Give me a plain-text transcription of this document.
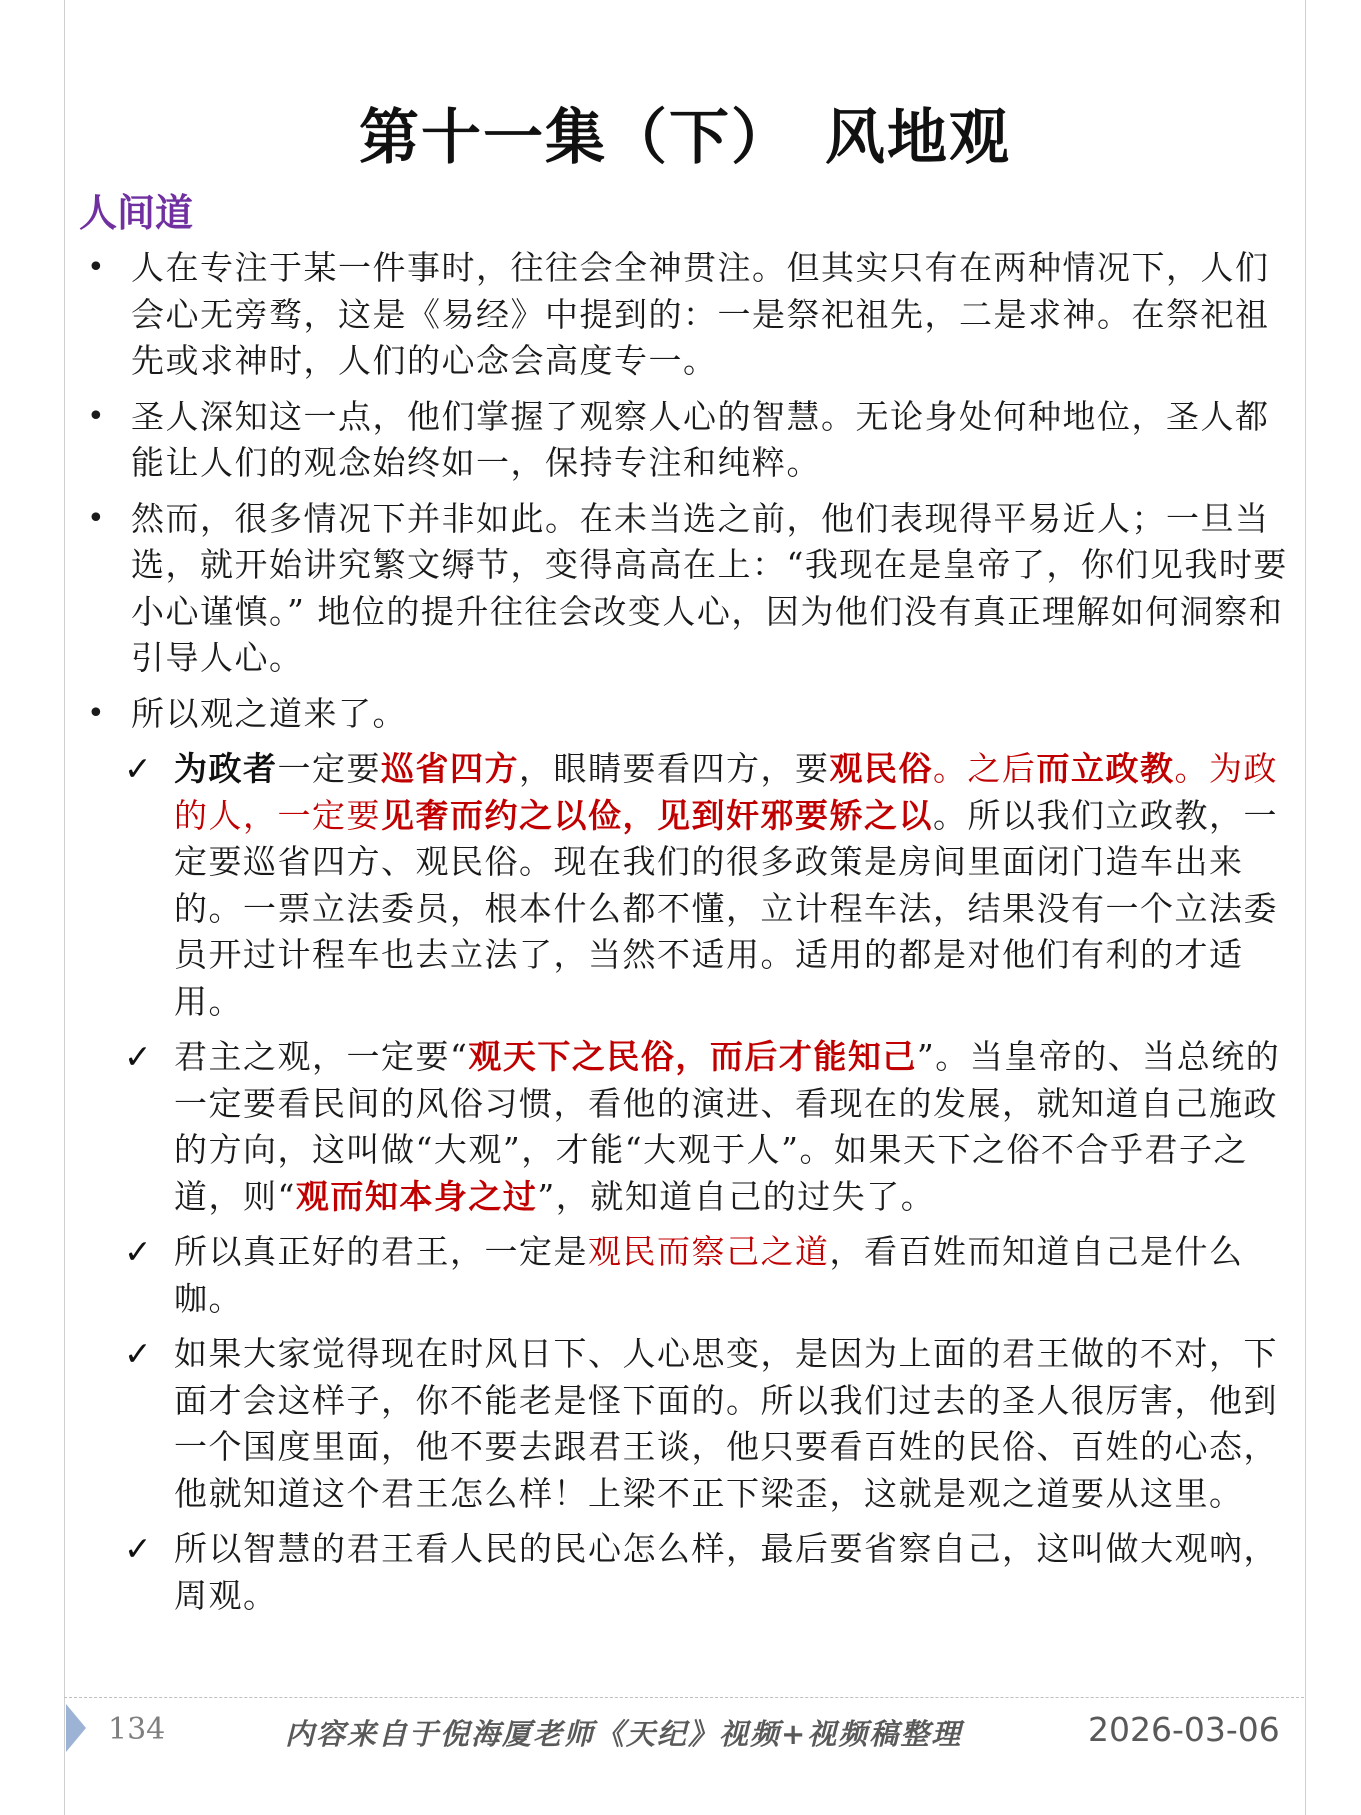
第十一集（下）　风地观
人间道
• 人在专注于某一件事时，往往会全神贯注。但其实只有在两种情况下，人们会心无旁骛，这是《易经》中提到的：一是祭祀祖先，二是求神。在祭祀祖先或求神时，人们的心念会高度专一。
• 圣人深知这一点，他们掌握了观察人心的智慧。无论身处何种地位，圣人都能让人们的观念始终如一，保持专注和纯粹。
• 然而，很多情况下并非如此。在未当选之前，他们表现得平易近人；一旦当选，就开始讲究繁文缛节，变得高高在上：“我现在是皇帝了，你们见我时要小心谨慎。” 地位的提升往往会改变人心，因为他们没有真正理解如何洞察和引导人心。
• 所以观之道来了。
✓ 为政者一定要巡省四方，眼睛要看四方，要观民俗。之后而立政教。为政的人，一定要见奢而约之以俭，见到奸邪要矫之以。所以我们立政教，一定要巡省四方、观民俗。现在我们的很多政策是房间里面闭门造车出来的。一票立法委员，根本什么都不懂，立计程车法，结果没有一个立法委员开过计程车也去立法了，当然不适用。适用的都是对他们有利的才适用。
✓ 君主之观，一定要“观天下之民俗，而后才能知己”。当皇帝的、当总统的一定要看民间的风俗习惯，看他的演进、看现在的发展，就知道自己施政的方向，这叫做“大观”，才能“大观于人”。如果天下之俗不合乎君子之道，则“观而知本身之过”，就知道自己的过失了。
✓ 所以真正好的君王，一定是观民而察己之道，看百姓而知道自己是什么咖。
✓ 如果大家觉得现在时风日下、人心思变，是因为上面的君王做的不对，下面才会这样子，你不能老是怪下面的。所以我们过去的圣人很厉害，他到一个国度里面，他不要去跟君王谈，他只要看百姓的民俗、百姓的心态，他就知道这个君王怎么样！上梁不正下梁歪，这就是观之道要从这里。
✓ 所以智慧的君王看人民的民心怎么样，最后要省察自己，这叫做大观吶，周观。
134	内容来自于倪海厦老师《天纪》视频+视频稿整理	2026-03-06
